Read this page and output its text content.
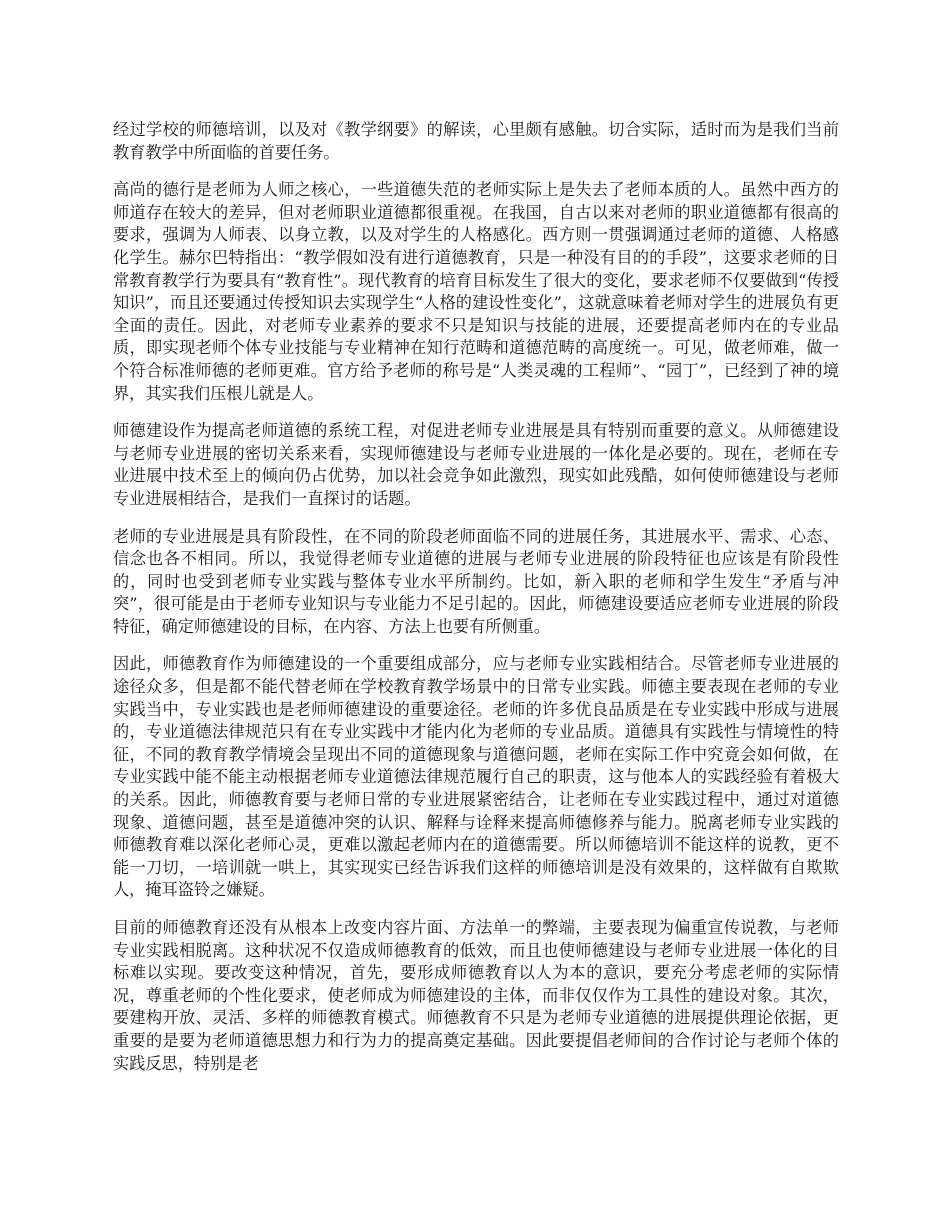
经过学校的师德培训，以及对《教学纲要》的解读，心里颇有感触。切合实际，适时而为是我们当前教育教学中所面临的首要任务。

高尚的德行是老师为人师之核心，一些道德失范的老师实际上是失去了老师本质的人。虽然中西方的师道存在较大的差异，但对老师职业道德都很重视。在我国，自古以来对老师的职业道德都有很高的要求，强调为人师表、以身立教，以及对学生的人格感化。西方则一贯强调通过老师的道德、人格感化学生。赫尔巴特指出：“教学假如没有进行道德教育，只是一种没有目的的手段”，这要求老师的日常教育教学行为要具有“教育性”。现代教育的培育目标发生了很大的变化，要求老师不仅要做到“传授知识”，而且还要通过传授知识去实现学生“人格的建设性变化”，这就意味着老师对学生的进展负有更全面的责任。因此，对老师专业素养的要求不只是知识与技能的进展，还要提高老师内在的专业品质，即实现老师个体专业技能与专业精神在知行范畴和道德范畴的高度统一。可见，做老师难，做一个符合标准师德的老师更难。官方给予老师的称号是“人类灵魂的工程师”、“园丁”，已经到了神的境界，其实我们压根儿就是人。

师德建设作为提高老师道德的系统工程，对促进老师专业进展是具有特别而重要的意义。从师德建设与老师专业进展的密切关系来看，实现师德建设与老师专业进展的一体化是必要的。现在，老师在专业进展中技术至上的倾向仍占优势，加以社会竞争如此激烈，现实如此残酷，如何使师德建设与老师专业进展相结合，是我们一直探讨的话题。

老师的专业进展是具有阶段性，在不同的阶段老师面临不同的进展任务，其进展水平、需求、心态、信念也各不相同。所以，我觉得老师专业道德的进展与老师专业进展的阶段特征也应该是有阶段性的，同时也受到老师专业实践与整体专业水平所制约。比如，新入职的老师和学生发生“矛盾与冲突”，很可能是由于老师专业知识与专业能力不足引起的。因此，师德建设要适应老师专业进展的阶段特征，确定师德建设的目标，在内容、方法上也要有所侧重。

因此，师德教育作为师德建设的一个重要组成部分，应与老师专业实践相结合。尽管老师专业进展的途径众多，但是都不能代替老师在学校教育教学场景中的日常专业实践。师德主要表现在老师的专业实践当中，专业实践也是老师师德建设的重要途径。老师的许多优良品质是在专业实践中形成与进展的，专业道德法律规范只有在专业实践中才能内化为老师的专业品质。道德具有实践性与情境性的特征，不同的教育教学情境会呈现出不同的道德现象与道德问题，老师在实际工作中究竟会如何做，在专业实践中能不能主动根据老师专业道德法律规范履行自己的职责，这与他本人的实践经验有着极大的关系。因此，师德教育要与老师日常的专业进展紧密结合，让老师在专业实践过程中，通过对道德现象、道德问题，甚至是道德冲突的认识、解释与诠释来提高师德修养与能力。脱离老师专业实践的师德教育难以深化老师心灵，更难以激起老师内在的道德需要。所以师德培训不能这样的说教，更不能一刀切，一培训就一哄上，其实现实已经告诉我们这样的师德培训是没有效果的，这样做有自欺欺人，掩耳盗铃之嫌疑。

目前的师德教育还没有从根本上改变内容片面、方法单一的弊端，主要表现为偏重宣传说教，与老师专业实践相脱离。这种状况不仅造成师德教育的低效，而且也使师德建设与老师专业进展一体化的目标难以实现。要改变这种情况，首先，要形成师德教育以人为本的意识，要充分考虑老师的实际情况，尊重老师的个性化要求，使老师成为师德建设的主体，而非仅仅作为工具性的建设对象。其次，要建构开放、灵活、多样的师德教育模式。师德教育不只是为老师专业道德的进展提供理论依据，更重要的是要为老师道德思想力和行为力的提高奠定基础。因此要提倡老师间的合作讨论与老师个体的实践反思，特别是老
